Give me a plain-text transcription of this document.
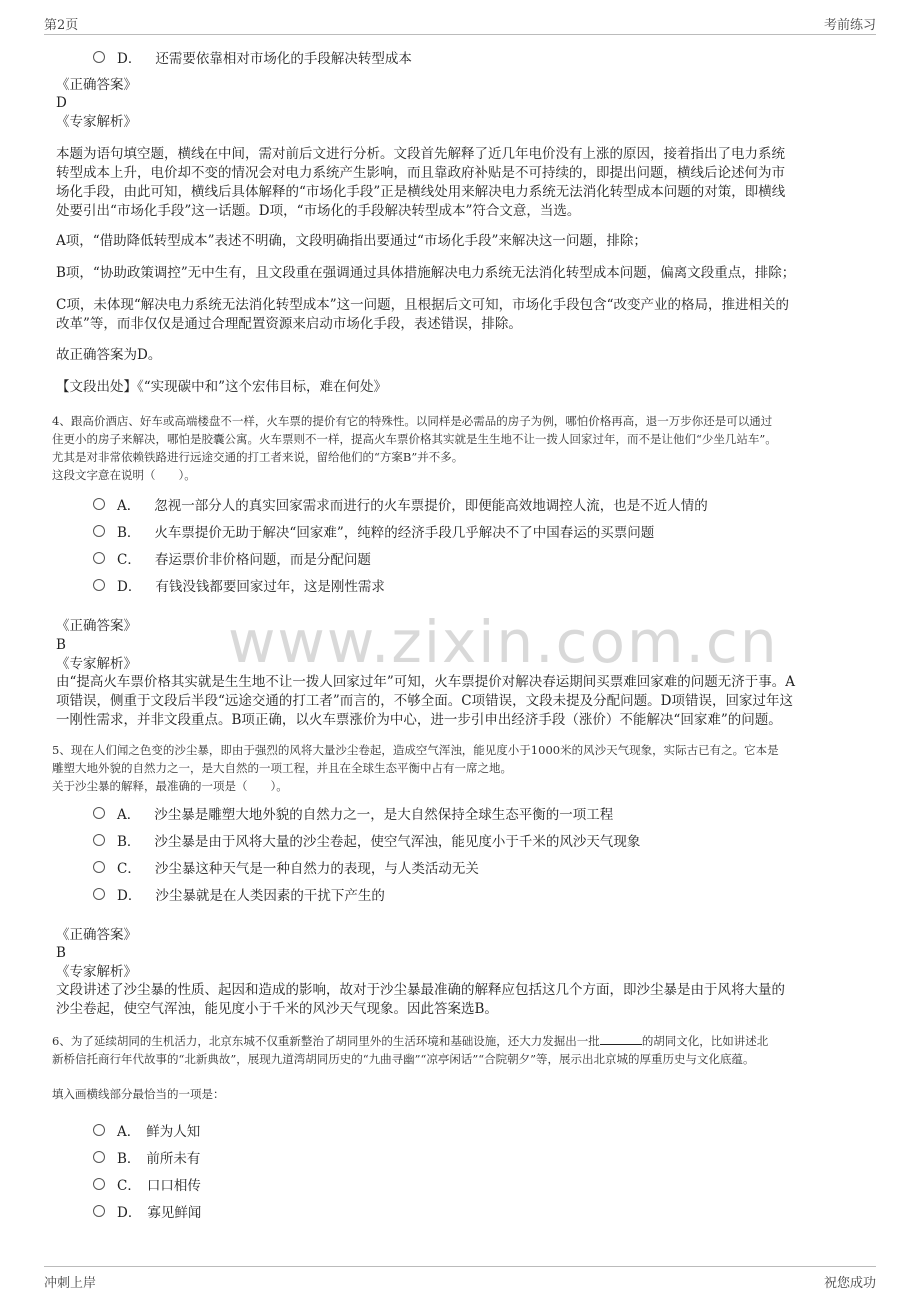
第2页	考前练习
www.zixin.com.cn
D． 还需要依靠相对市场化的手段解决转型成本
《正确答案》
D
《专家解析》
本题为语句填空题，横线在中间，需对前后文进行分析。文段首先解释了近几年电价没有上涨的原因，接着指出了电力系统
转型成本上升，电价却不变的情况会对电力系统产生影响，而且靠政府补贴是不可持续的，即提出问题，横线后论述何为市
场化手段，由此可知，横线后具体解释的“市场化手段”正是横线处用来解决电力系统无法消化转型成本问题的对策，即横线
处要引出“市场化手段”这一话题。D项，“市场化的手段解决转型成本”符合文意，当选。
A项，“借助降低转型成本”表述不明确，文段明确指出要通过“市场化手段”来解决这一问题，排除；
B项，“协助政策调控”无中生有，且文段重在强调通过具体措施解决电力系统无法消化转型成本问题，偏离文段重点，排除；
C项，未体现“解决电力系统无法消化转型成本”这一问题，且根据后文可知，市场化手段包含“改变产业的格局，推进相关的
改革”等，而非仅仅是通过合理配置资源来启动市场化手段，表述错误，排除。
故正确答案为D。
【文段出处】《“实现碳中和”这个宏伟目标，难在何处》
4、跟高价酒店、好车或高端楼盘不一样，火车票的提价有它的特殊性。以同样是必需品的房子为例，哪怕价格再高，退一万步你还是可以通过
住更小的房子来解决，哪怕是胶囊公寓。火车票则不一样，提高火车票价格其实就是生生地不让一拨人回家过年，而不是让他们“少坐几站车”。
尤其是对非常依赖铁路进行远途交通的打工者来说，留给他们的“方案B”并不多。
这段文字意在说明（　　）。
A． 忽视一部分人的真实回家需求而进行的火车票提价，即便能高效地调控人流，也是不近人情的
B． 火车票提价无助于解决“回家难”，纯粹的经济手段几乎解决不了中国春运的买票问题
C． 春运票价非价格问题，而是分配问题
D． 有钱没钱都要回家过年，这是刚性需求
《正确答案》
B
《专家解析》
由“提高火车票价格其实就是生生地不让一拨人回家过年”可知，火车票提价对解决春运期间买票难回家难的问题无济于事。A
项错误，侧重于文段后半段“远途交通的打工者”而言的，不够全面。C项错误，文段未提及分配问题。D项错误，回家过年这
一刚性需求，并非文段重点。B项正确，以火车票涨价为中心，进一步引申出经济手段（涨价）不能解决“回家难”的问题。
5、现在人们闻之色变的沙尘暴，即由于强烈的风将大量沙尘卷起，造成空气浑浊，能见度小于1000米的风沙天气现象，实际古已有之。它本是
雕塑大地外貌的自然力之一，是大自然的一项工程，并且在全球生态平衡中占有一席之地。
关于沙尘暴的解释，最准确的一项是（　　）。
A． 沙尘暴是雕塑大地外貌的自然力之一，是大自然保持全球生态平衡的一项工程
B． 沙尘暴是由于风将大量的沙尘卷起，使空气浑浊，能见度小于千米的风沙天气现象
C． 沙尘暴这种天气是一种自然力的表现，与人类活动无关
D． 沙尘暴就是在人类因素的干扰下产生的
《正确答案》
B
《专家解析》
文段讲述了沙尘暴的性质、起因和造成的影响，故对于沙尘暴最准确的解释应包括这几个方面，即沙尘暴是由于风将大量的
沙尘卷起，使空气浑浊，能见度小于千米的风沙天气现象。因此答案选B。
6、为了延续胡同的生机活力，北京东城不仅重新整治了胡同里外的生活环境和基础设施，还大力发掘出一批	的胡同文化，比如讲述北
新桥信托商行年代故事的“北新典故”，展现九道湾胡同历史的“九曲寻幽”“凉亭闲话”“合院朝夕”等，展示出北京城的厚重历史与文化底蕴。
填入画横线部分最恰当的一项是：
A． 鲜为人知
B． 前所未有
C． 口口相传
D． 寡见鲜闻
冲刺上岸	祝您成功
